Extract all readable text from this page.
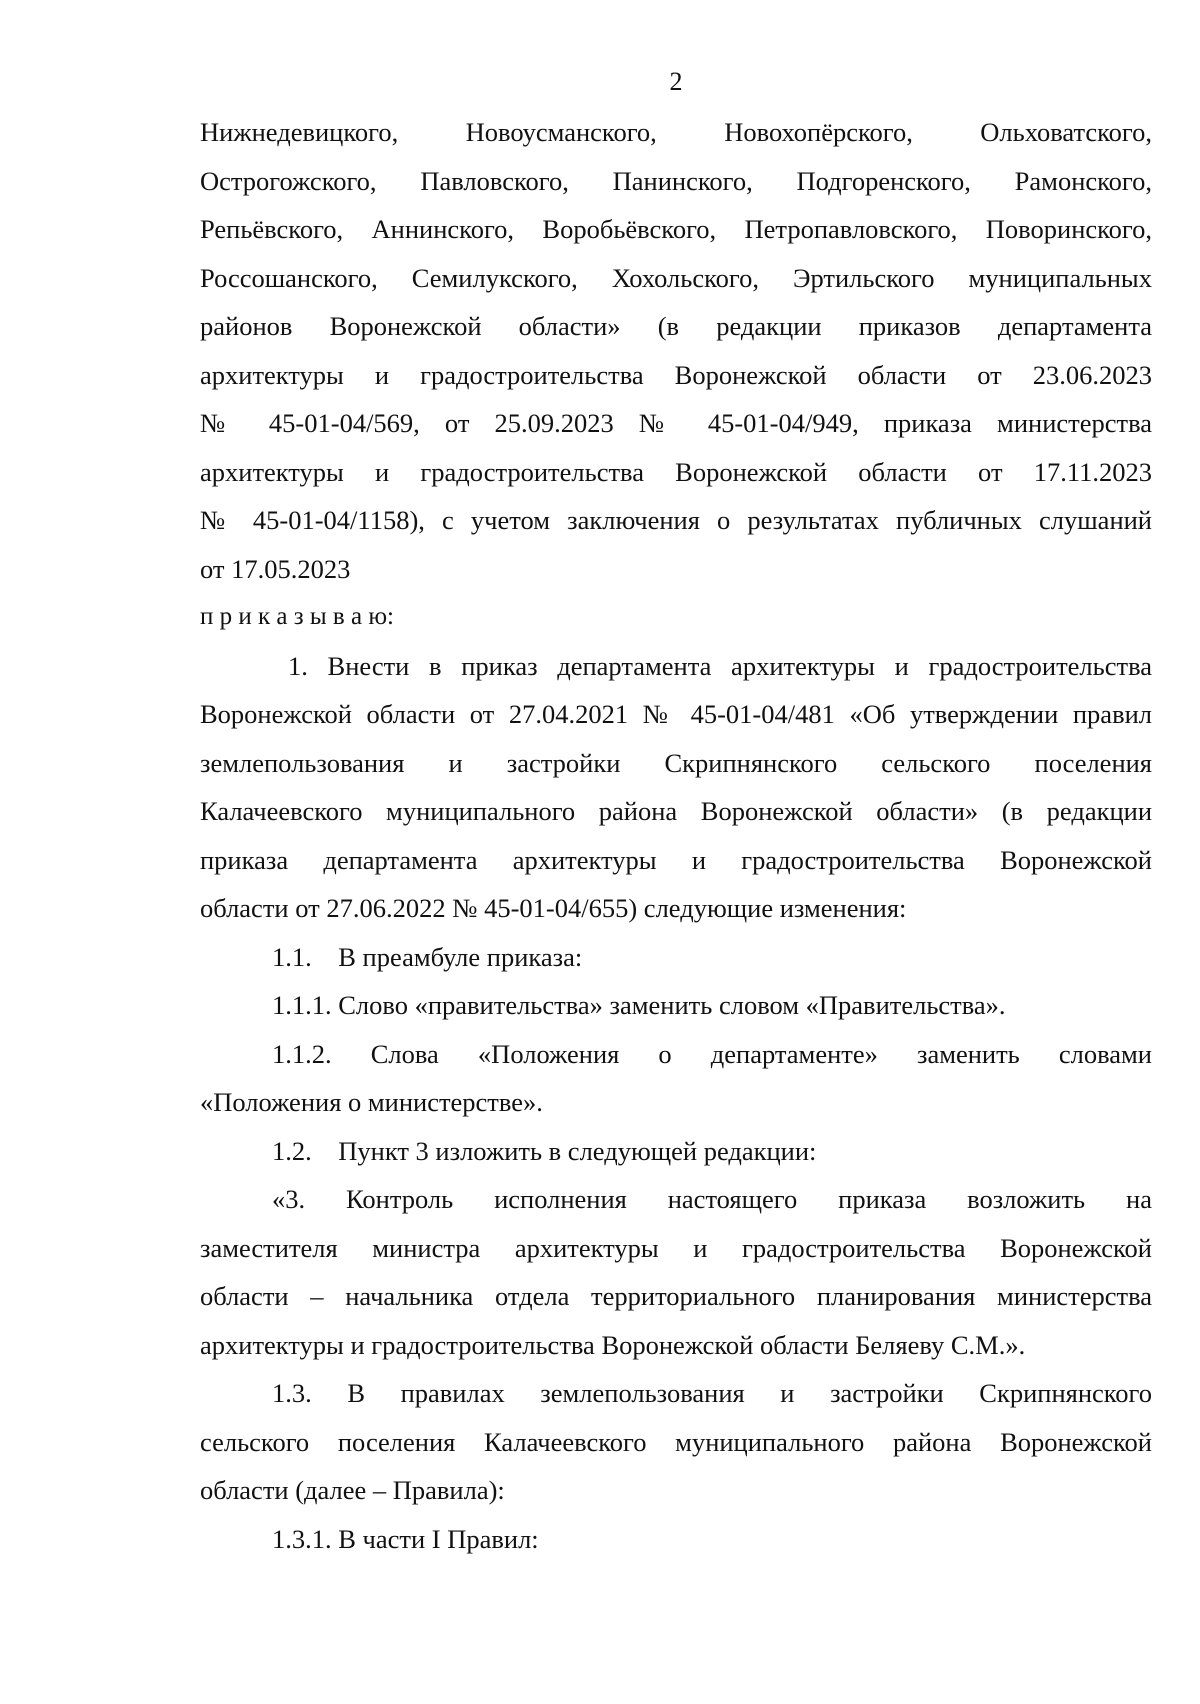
2
Нижнедевицкого, Новоусманского, Новохопёрского, Ольховатского,
Острогожского, Павловского, Панинского, Подгоренского, Рамонского,
Репьёвского, Аннинского, Воробьёвского, Петропавловского, Поворинского,
Россошанского, Семилукского, Хохольского, Эртильского муниципальных
районов Воронежской области» (в редакции приказов департамента
архитектуры и градостроительства Воронежской области от 23.06.2023
№ 45-01-04/569, от 25.09.2023 № 45-01-04/949, приказа министерства
архитектуры и градостроительства Воронежской области от 17.11.2023
№ 45-01-04/1158), с учетом заключения о результатах публичных слушаний
от 17.05.2023
п р и к а з ы в а ю:
1. Внести в приказ департамента архитектуры и градостроительства
Воронежской области от 27.04.2021 № 45-01-04/481 «Об утверждении правил
землепользования и застройки Скрипнянского сельского поселения
Калачеевского муниципального района Воронежской области» (в редакции
приказа департамента архитектуры и градостроительства Воронежской
области от 27.06.2022 № 45-01-04/655) следующие изменения:
1.1.    В преамбуле приказа:
1.1.1. Слово «правительства» заменить словом «Правительства».
1.1.2. Слова «Положения о департаменте» заменить словами
«Положения о министерстве».
1.2.    Пункт 3 изложить в следующей редакции:
«3. Контроль исполнения настоящего приказа возложить на
заместителя министра архитектуры и градостроительства Воронежской
области – начальника отдела территориального планирования министерства
архитектуры и градостроительства Воронежской области Беляеву С.М.».
1.3. В правилах землепользования и застройки Скрипнянского
сельского поселения Калачеевского муниципального района Воронежской
области (далее – Правила):
1.3.1. В части I Правил:
